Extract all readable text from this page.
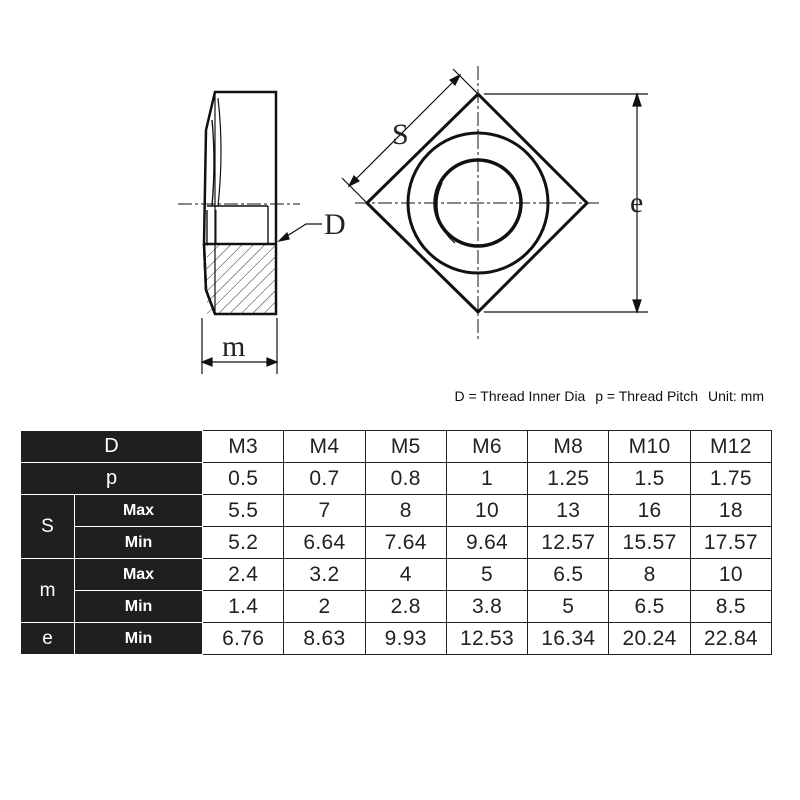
m
D
S
e
D = Thread Inner Dia p = Thread Pitch Unit: mm
D		M3	M4	M5	M6	M8	M10	M12
p		0.5	0.7	0.8	1	1.25	1.5	1.75
S	Max	5.5	7	8	10	13	16	18
	Min	5.2	6.64	7.64	9.64	12.57	15.57	17.57
m	Max	2.4	3.2	4	5	6.5	8	10
	Min	1.4	2	2.8	3.8	5	6.5	8.5
e	Min	6.76	8.63	9.93	12.53	16.34	20.24	22.84
